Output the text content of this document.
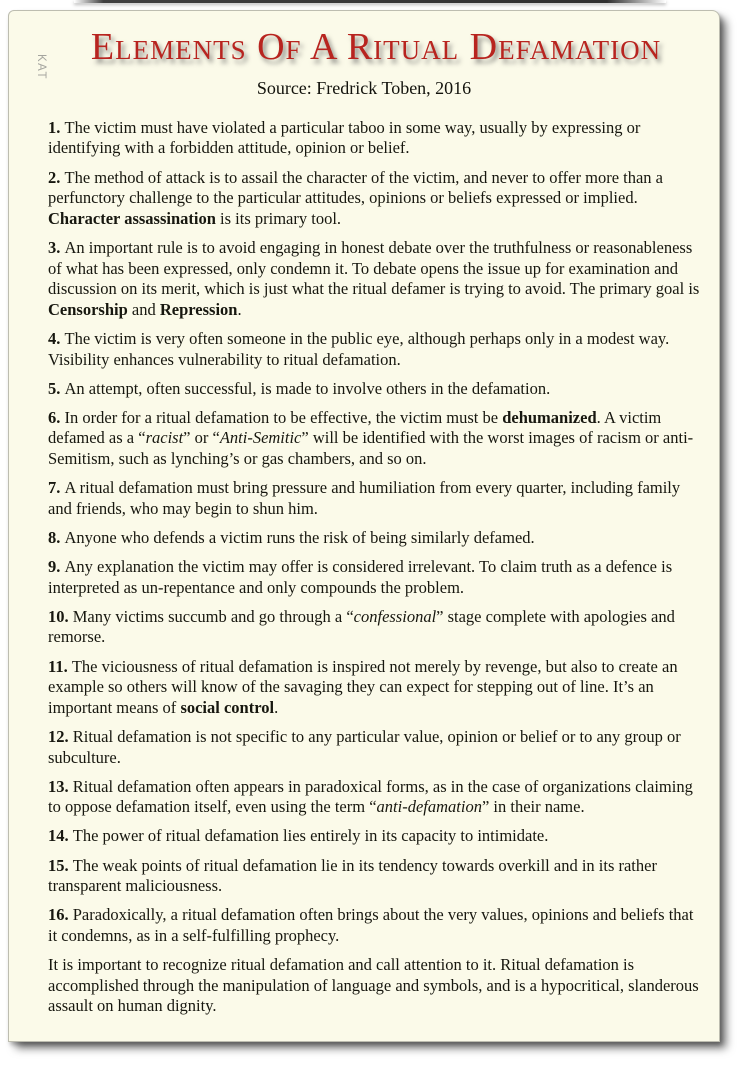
KAT	Elements Of A Ritual Defamation
Source: Fredrick Toben, 2016

1. The victim must have violated a particular taboo in some way, usually by expressing or identifying with a forbidden attitude, opinion or belief.

2. The method of attack is to assail the character of the victim, and never to offer more than a perfunctory challenge to the particular attitudes, opinions or beliefs expressed or implied. Character assassination is its primary tool.

3. An important rule is to avoid engaging in honest debate over the truthfulness or reasonableness of what has been expressed, only condemn it. To debate opens the issue up for examination and discussion on its merit, which is just what the ritual defamer is trying to avoid. The primary goal is Censorship and Repression.

4. The victim is very often someone in the public eye, although perhaps only in a modest way. Visibility enhances vulnerability to ritual defamation.

5. An attempt, often successful, is made to involve others in the defamation.

6. In order for a ritual defamation to be effective, the victim must be dehumanized. A victim defamed as a “racist” or “Anti-Semitic” will be identified with the worst images of racism or anti-Semitism, such as lynching’s or gas chambers, and so on.

7. A ritual defamation must bring pressure and humiliation from every quarter, including family and friends, who may begin to shun him.

8. Anyone who defends a victim runs the risk of being similarly defamed.

9. Any explanation the victim may offer is considered irrelevant. To claim truth as a defence is interpreted as un-repentance and only compounds the problem.

10. Many victims succumb and go through a “confessional” stage complete with apologies and remorse.

11. The viciousness of ritual defamation is inspired not merely by revenge, but also to create an example so others will know of the savaging they can expect for stepping out of line. It’s an important means of social control.

12. Ritual defamation is not specific to any particular value, opinion or belief or to any group or subculture.

13. Ritual defamation often appears in paradoxical forms, as in the case of organizations claiming to oppose defamation itself, even using the term “anti-defamation” in their name.

14. The power of ritual defamation lies entirely in its capacity to intimidate.

15. The weak points of ritual defamation lie in its tendency towards overkill and in its rather transparent maliciousness.

16. Paradoxically, a ritual defamation often brings about the very values, opinions and beliefs that it condemns, as in a self-fulfilling prophecy.

It is important to recognize ritual defamation and call attention to it. Ritual defamation is accomplished through the manipulation of language and symbols, and is a hypocritical, slanderous assault on human dignity.
